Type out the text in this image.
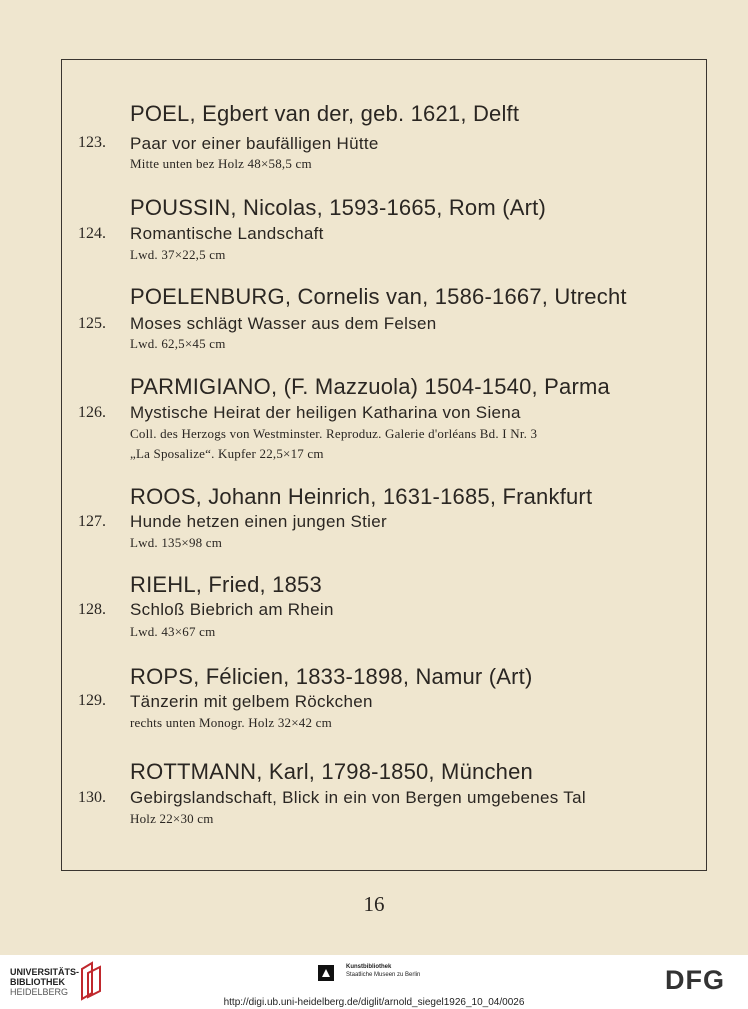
POEL, Egbert van der, geb. 1621, Delft
123. Paar vor einer baufälligen Hütte
Mitte unten bez Holz 48×58,5 cm
POUSSIN, Nicolas, 1593-1665, Rom (Art)
124. Romantische Landschaft
Lwd. 37×22,5 cm
POELENBURG, Cornelis van, 1586-1667, Utrecht
125. Moses schlägt Wasser aus dem Felsen
Lwd. 62,5×45 cm
PARMIGIANO, (F. Mazzuola) 1504-1540, Parma
126. Mystische Heirat der heiligen Katharina von Siena
Coll. des Herzogs von Westminster. Reproduz. Galerie d'orléans Bd. I Nr. 3
„La Sposalize“. Kupfer 22,5×17 cm
ROOS, Johann Heinrich, 1631-1685, Frankfurt
127. Hunde hetzen einen jungen Stier
Lwd. 135×98 cm
RIEHL, Fried, 1853
128. Schloß Biebrich am Rhein
Lwd. 43×67 cm
ROPS, Félicien, 1833-1898, Namur (Art)
129. Tänzerin mit gelbem Röckchen
rechts unten Monogr. Holz 32×42 cm
ROTTMANN, Karl, 1798-1850, München
130. Gebirgslandschaft, Blick in ein von Bergen umgebenes Tal
Holz 22×30 cm
16
UNIVERSITÄTS-
BIBLIOTHEK
HEIDELBERG
Kunstbibliothek
Staatliche Museen zu Berlin	DFG
http://digi.ub.uni-heidelberg.de/diglit/arnold_siegel1926_10_04/0026
